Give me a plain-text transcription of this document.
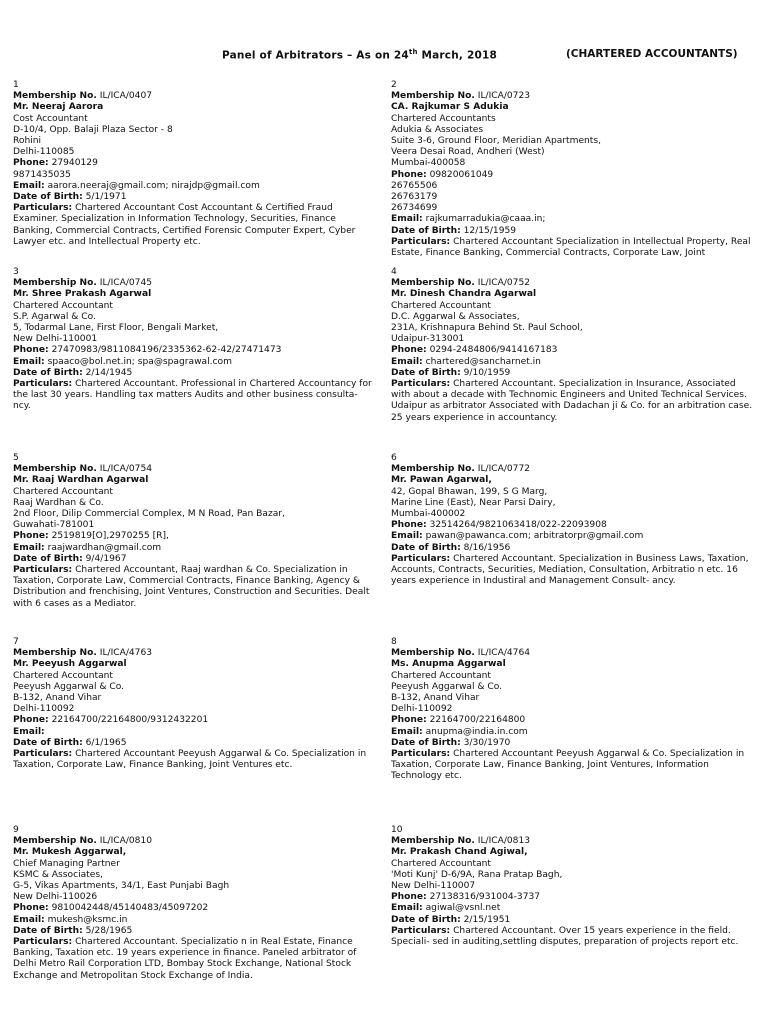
Panel of Arbitrators – As on 24th March, 2018	(CHARTERED ACCOUNTANTS)
1
Membership No. IL/ICA/0407
Mr. Neeraj Aarora
Cost Accountant
D-10/4, Opp. Balaji Plaza Sector - 8
Rohini
Delhi-110085
Phone: 27940129
9871435035
Email: aarora.neeraj@gmail.com; nirajdp@gmail.com
Date of Birth: 5/1/1971
Particulars: Chartered Accountant Cost Accountant & Certified Fraud Examiner. Specialization in Information Technology, Securities, Finance Banking, Commercial Contracts, Certified Forensic Computer Expert, Cyber Lawyer etc. and Intellectual Property etc.
2
Membership No. IL/ICA/0723
CA. Rajkumar S Adukia
Chartered Accountants
Adukia & Associates
Suite 3-6, Ground Floor, Meridian Apartments,
Veera Desai Road, Andheri (West)
Mumbai-400058
Phone: 09820061049
26765506
26763179
26734699
Email: rajkumarradukia@caaa.in;
Date of Birth: 12/15/1959
Particulars: Chartered Accountant Specialization in Intellectual Property, Real Estate, Finance Banking, Commercial Contracts, Corporate Law, Joint
3
Membership No. IL/ICA/0745
Mr. Shree Prakash Agarwal
Chartered Accountant
S.P. Agarwal & Co.
5, Todarmal Lane, First Floor, Bengali Market,
New Delhi-110001
Phone: 27470983/9811084196/2335362-62-42/27471473
Email: spaaco@bol.net.in; spa@spagrawal.com
Date of Birth: 2/14/1945
Particulars: Chartered Accountant. Professional in Chartered Accountancy for the last 30 years. Handling tax matters Audits and other business consulta- ncy.
4
Membership No. IL/ICA/0752
Mr. Dinesh Chandra Agarwal
Chartered Accountant
D.C. Aggarwal & Associates,
231A, Krishnapura Behind St. Paul School,
Udaipur-313001
Phone: 0294-2484806/9414167183
Email: chartered@sancharnet.in
Date of Birth: 9/10/1959
Particulars: Chartered Accountant. Specialization in Insurance, Associated with about a decade with Technomic Engineers and United Technical Services. Udaipur as arbitrator Associated with Dadachan ji & Co. for an arbitration case. 25 years experience in accountancy.
5
Membership No. IL/ICA/0754
Mr. Raaj Wardhan Agarwal
Chartered Accountant
Raaj Wardhan & Co.
2nd Floor, Dilip Commercial Complex, M N Road, Pan Bazar,
Guwahati-781001
Phone: 2519819[O],2970255 [R],
Email: raajwardhan@gmail.com
Date of Birth: 9/4/1967
Particulars: Chartered Accountant, Raaj wardhan & Co. Specialization in Taxation, Corporate Law, Commercial Contracts, Finance Banking, Agency & Distribution and frenchising, Joint Ventures, Construction and Securities. Dealt with 6 cases as a Mediator.
6
Membership No. IL/ICA/0772
Mr. Pawan Agarwal,
42, Gopal Bhawan, 199, S G Marg,
Marine Line (East), Near Parsi Dairy,
Mumbai-400002
Phone: 32514264/9821063418/022-22093908
Email: pawan@pawanca.com; arbitratorpr@gmail.com
Date of Birth: 8/16/1956
Particulars: Chartered Accountant. Specialization in Business Laws, Taxation, Accounts, Contracts, Securities, Mediation, Consultation, Arbitratio n etc. 16 years experience in Industiral and Management Consult- ancy.
7
Membership No. IL/ICA/4763
Mr. Peeyush Aggarwal
Chartered Accountant
Peeyush Aggarwal & Co.
B-132, Anand Vihar
Delhi-110092
Phone: 22164700/22164800/9312432201
Email:
Date of Birth: 6/1/1965
Particulars: Chartered Accountant Peeyush Aggarwal & Co. Specialization in Taxation, Corporate Law, Finance Banking, Joint Ventures etc.
8
Membership No. IL/ICA/4764
Ms. Anupma Aggarwal
Chartered Accountant
Peeyush Aggarwal & Co.
B-132, Anand Vihar
Delhi-110092
Phone: 22164700/22164800
Email: anupma@india.in.com
Date of Birth: 3/30/1970
Particulars: Chartered Accountant Peeyush Aggarwal & Co. Specialization in Taxation, Corporate Law, Finance Banking, Joint Ventures, Information Technology etc.
9
Membership No. IL/ICA/0810
Mr. Mukesh Aggarwal,
Chief Managing Partner
KSMC & Associates,
G-5, Vikas Apartments, 34/1, East Punjabi Bagh
New Delhi-110026
Phone: 9810042448/45140483/45097202
Email: mukesh@ksmc.in
Date of Birth: 5/28/1965
Particulars: Chartered Accountant. Specializatio n in Real Estate, Finance Banking, Taxation etc. 19 years experience in finance. Paneled arbitrator of Delhi Metro Rail Corporation LTD, Bombay Stock Exchange, National Stock Exchange and Metropolitan Stock Exchange of India.
10
Membership No. IL/ICA/0813
Mr. Prakash Chand Agiwal,
Chartered Accountant
'Moti Kunj' D-6/9A, Rana Pratap Bagh,
New Delhi-110007
Phone: 27138316/931004-3737
Email: agiwal@vsnl.net
Date of Birth: 2/15/1951
Particulars: Chartered Accountant. Over 15 years experience in the field. Speciali- sed in auditing,settling disputes, preparation of projects report etc.
